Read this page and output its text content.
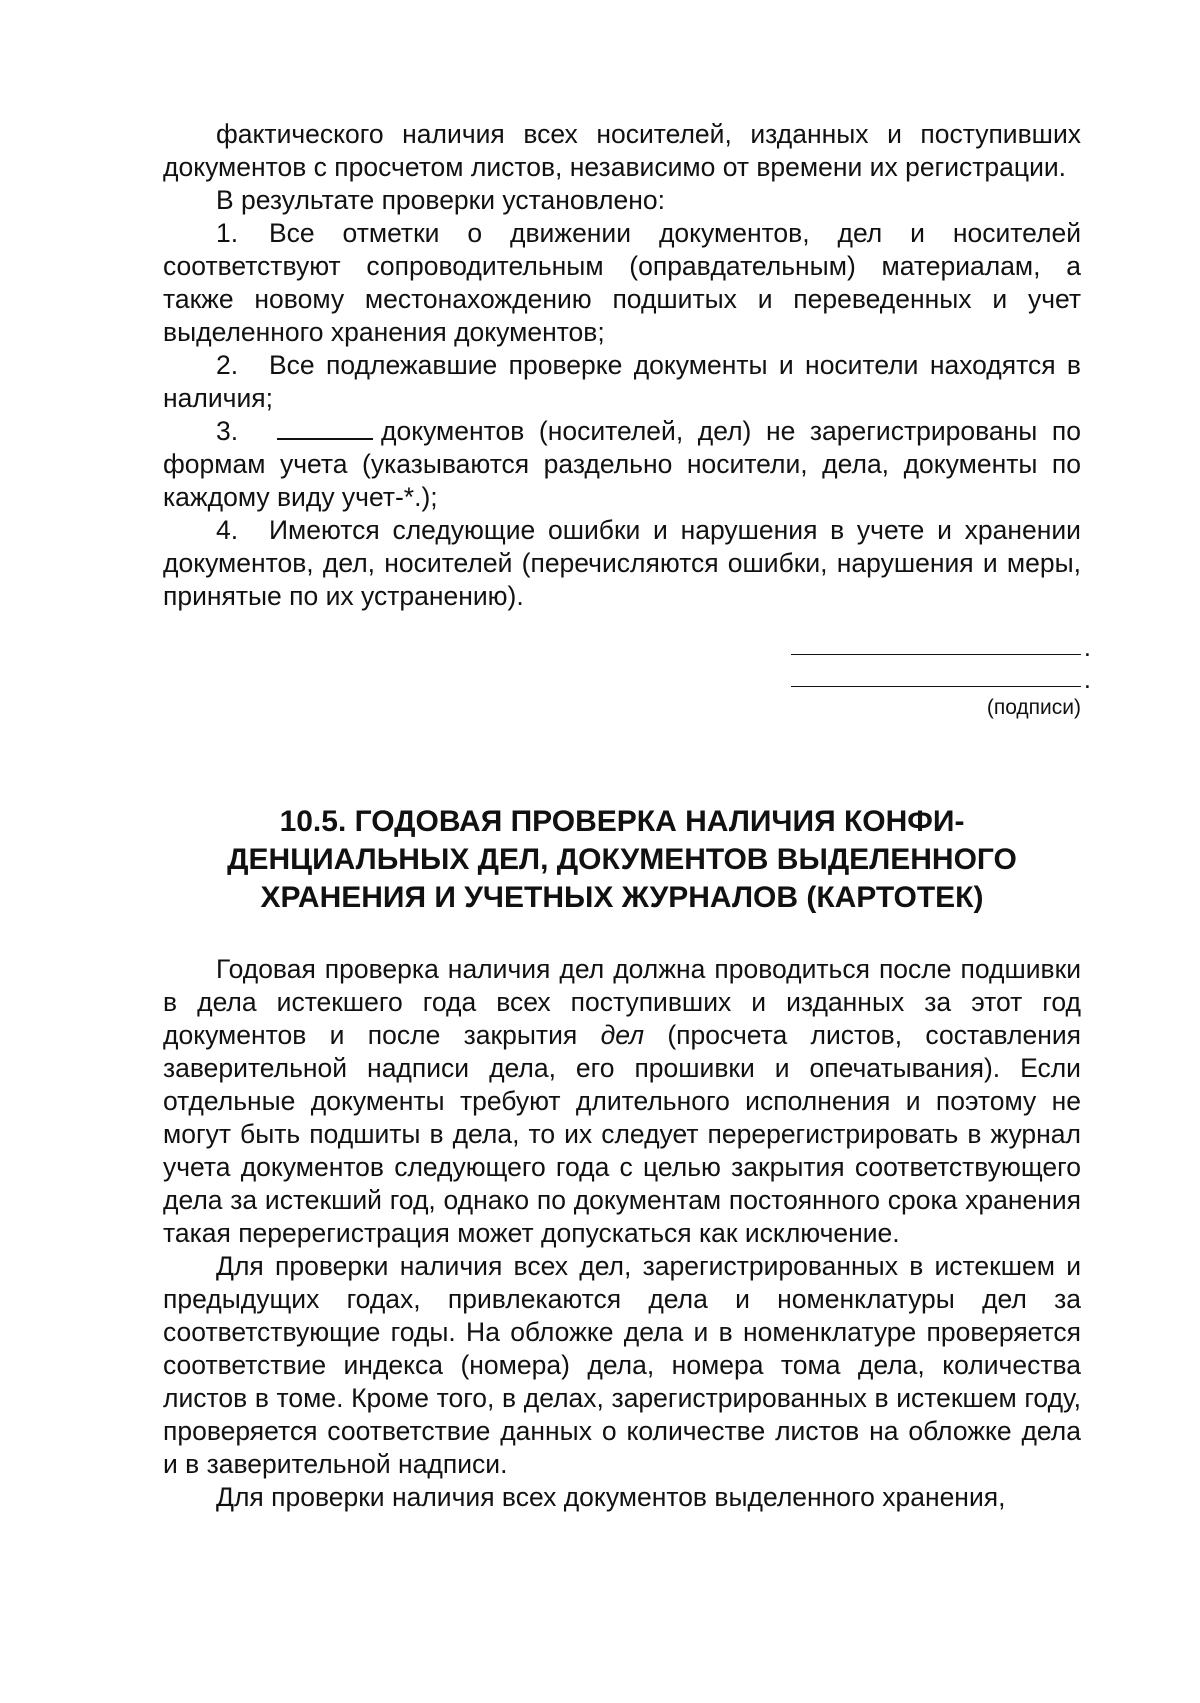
фактического наличия всех носителей, изданных и поступивших документов с просчетом листов, независимо от времени их регистрации.

В результате проверки установлено:

1. Все отметки о движении документов, дел и носителей соответствуют сопроводительным (оправдательным) материалам, а также новому местонахождению подшитых и переведенных и учет выделенного хранения документов;

2. Все подлежавшие проверке документы и носители находятся в наличия;

3.	документов (носителей, дел) не зарегистрированы по формам учета (указываются раздельно носители, дела, документы по каждому виду учет-*.);

4. Имеются следующие ошибки и нарушения в учете и хранении документов, дел, носителей (перечисляются ошибки, нарушения и меры, принятые по их устранению).

.
.
(подписи)
10.5. ГОДОВАЯ ПРОВЕРКА НАЛИЧИЯ КОНФИ-
ДЕНЦИАЛЬНЫХ ДЕЛ, ДОКУМЕНТОВ ВЫДЕЛЕННОГО
ХРАНЕНИЯ И УЧЕТНЫХ ЖУРНАЛОВ (КАРТОТЕК)

Годовая проверка наличия дел должна проводиться после подшивки в дела истекшего года всех поступивших и изданных за этот год документов и после закрытия дел (просчета листов, составления заверительной надписи дела, его прошивки и опечатывания). Если отдельные документы требуют длительного исполнения и поэтому не могут быть подшиты в дела, то их следует перерегистрировать в журнал учета документов следующего года с целью закрытия соответствующего дела за истекший год, однако по документам постоянного срока хранения такая перерегистрация может допускаться как исключение.

Для проверки наличия всех дел, зарегистрированных в истекшем и предыдущих годах, привлекаются дела и номенклатуры дел за соответствующие годы. На обложке дела и в номенклатуре проверяется соответствие индекса (номера) дела, номера тома дела, количества листов в томе. Кроме того, в делах, зарегистрированных в истекшем году, проверяется соответствие данных о количестве листов на обложке дела и в заверительной надписи.

Для проверки наличия всех документов выделенного хранения,
